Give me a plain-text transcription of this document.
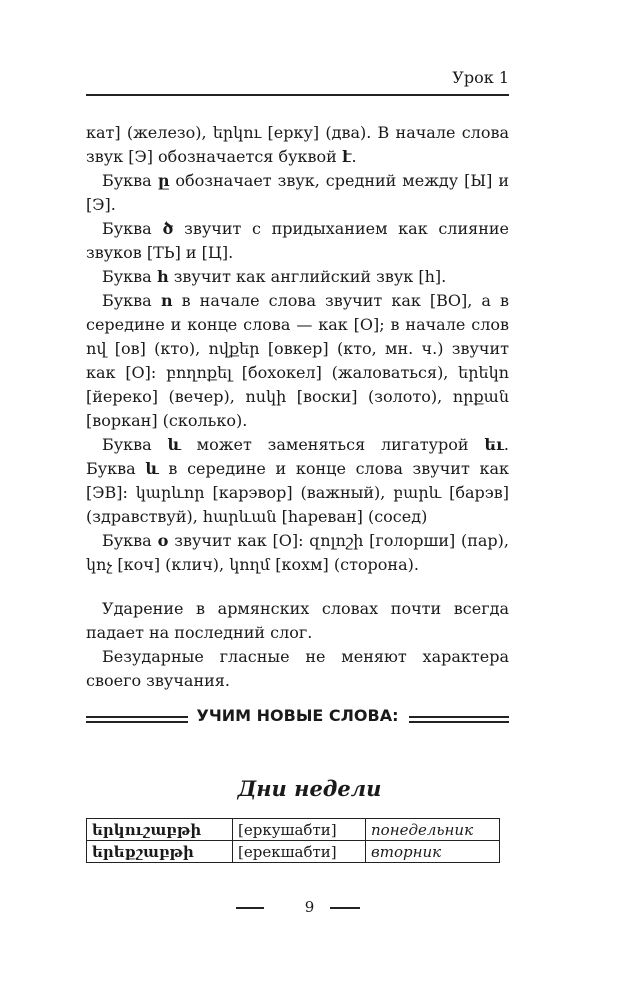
Урок 1

кат] (железо), երկու [ерку] (два). В начале слова звук [Э] обозначается буквой է.

Буква ը обозначает звук, средний между [Ы] и [Э].

Буква ծ звучит с придыханием как слияние звуков [ТЬ] и [Ц].

Буква հ звучит как английский звук [h].

Буква ո в начале слова звучит как [ВО], а в середине и конце слова — как [О]; в начале слов ով [ов] (кто), ովքեր [овкер] (кто, мн. ч.) звучит как [О]: բողոքել [бохокел] (жаловаться), երեկո [йереко] (вечер), ոսկի [воски] (золото), որքան [воркан] (сколько).

Буква և может заменяться лигатурой եւ. Буква և в середине и конце слова звучит как [ЭВ]: կարևոր [карэвор] (важный), բարև [барэв] (здравствуй), հարևան [hареван] (сосед)

Буква օ звучит как [О]: զոլոշի [голорши] (пар), կոչ [коч] (клич), կողմ [кохм] (сторона).

Ударение в армянских словах почти всегда падает на последний слог.

Безударные гласные не меняют характера своего звучания.

УЧИМ НОВЫЕ СЛОВА:
Дни недели
երկուշաբթի	[еркушабти]	понедельник
երեքշաբթի	[ерекшабти]	вторник
9
